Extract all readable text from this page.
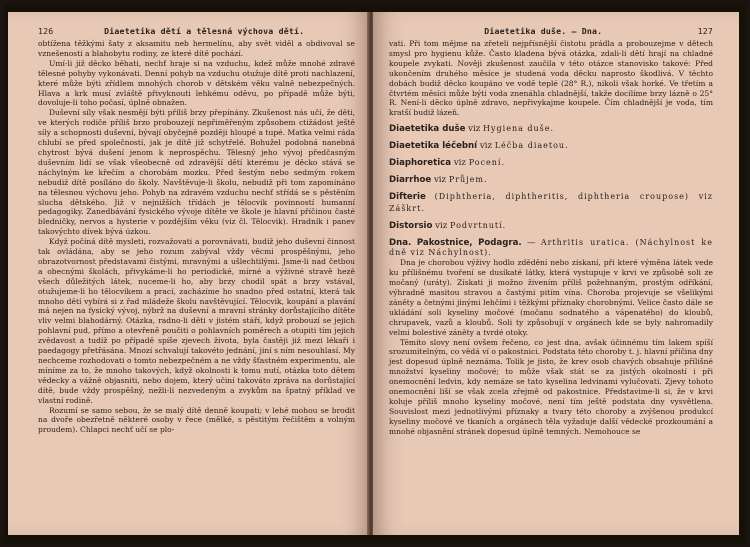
126	Diaetetika dětí a tělesná výchova dětí.

obtížena těžkými šaty z aksamitu neb hermelínu, aby svět viděl a obdivoval se vznešenosti a blahobytu rodiny, ze které dítě pochází.

Umí-li již děcko běhati, nechť hraje si na vzduchu, kdež může mnohé zdravé tělesné pohyby vykonávati. Denní pohyb na vzduchu otužuje dítě proti nachlazení, které může býti zřídlem mnohých chorob v dětském věku valně nebezpečných. Hlava a krk musí zvláště přivyknouti lehkému oděvu, po případě může býti, dovoluje-li toho počasí, úplně obnažen.

Duševní síly však nesmějí býti příliš brzy přepínány. Zkušenost nás učí, že děti, ve kterých rodiče příliš brzo probouzejí nepřiměřeným způsobem ctižádost ještě síly a schopnosti duševní, bývají obyčejně později hloupé a tupé. Matka velmi ráda chlubí se před společností, jak je dítě již schytřelé. Bohužel podobná nanebná chytrost bývá dušení jenom k neprospěchu. Tělesný jeho vývoj předčasným duševním lidí se však všeobecně od zdravější dětí kterému je děcko stává se náchylným ke křečím a chorobám mozku. Před šestým nebo sedmým rokem nebudiž dítě posíláno do školy. Navštěvuje-li školu, nebudiž při tom zapomínáno na tělesnou výchovu jeho. Pohyb na zdravém vzduchu nechť střídá se s pěstěním slucha dětského. Již v nejnižších třídách je tělocvik povinností humanní pedagogiky. Zanedbávání fysického vývoje dítěte ve škole je hlavní příčinou časté bledničky, nervos a hysterie v pozdějším věku (viz čl. Tělocvik). Hradník i panev takovýchto dívek bývá úzkou.

Když počíná dítě mysleti, rozvažovati a porovnávati, budiž jeho duševní činnost tak ovládána, aby se jeho rozum zabýval vždy věcmi prospěšnými, jeho obrazotvornost představami čistými, mravnými a ušlechtilými. Jsme-li nad četbou a obecnými školách, přivykáme-li ho periodické, mírné a výživné stravě hezě všech důležitých látek, nuceme-li ho, aby brzy chodil spát a brzy vstával, otužujeme-li ho tělocvikem a prací, zacházíme ho snadno před ostatní, která tak mnoho dětí vybírá si z řad mládeže školu navštěvující. Tělocvik, koupání a plavání má nejen na fysický vývoj, nýbrž na duševní a mravní stránky dorůstajícího dítěte vliv velmi blahodárný. Otázka, radno-li děti v jistém stáří, když probouzí se jejich pohlavní pud, přímo a otevřeně poučiti o pohlavních poměrech a otupiti tím jejich zvědavost a tudíž po případě spíše zjevech života, byla častěji již mezi lékaři i paedagogy přetřásána. Mnozí schvalují takovéto jednání, jiní s ním nesouhlasí. My nechceme rozhodovati o tomto nebezpečném a ne vždy šťastném experimentu, ale míníme za to, že mnoho takových, když okolnosti k tomu nutí, otázka toto dětem vědecky a vážně objasniti, nebo dojem, který učiní takováto zpráva na dorůstající dítě, bude vždy prospěšný, nežli-li nezvedeným a zvykům na špatný příklad ve vlastní rodině.

Rozumí se samo sebou, že se malý dítě denně koupati; v lehé mohou se brodit na dvoře obezřetně některé osoby v řece (mělké, s pěstitým řečištěm a volným proudem). Chlapci nechť učí se plo-

Diaetetika duše. — Dna.	127

vati. Při tom mějme na zřeteli nejpřísnější čistotu prádla a probouzejme v dětech smysl pro hygienu kůže. Často kladena bývá otázka, zdali-li dětí hrají na chladné koupele zvykati. Nověji zkušenost zaučila v této otázce stanovisko takové: Před ukončením druhého měsíce je studená voda děcku naprosto škodlivá. V těchto dobách budiž děcko koupáno ve vodě teplé (28° R.), nikoli však horké. Ve třetím a čtvrtém měsíci může býti voda znenáhla chladnější, takže docílíme brzy lázně o 25° R. Není-li děcko úplně zdravo, nepřivykajme koupele. Čím chladnější je voda, tím kratší budiž lázeň.

Diaetetika duše viz Hygiena duše.

Diaetetika léčební viz Léčba diaetou.

Diaphoretica viz Pocení.

Diarrhoe viz Průjem.

Difterie (Diphtheria, diphtheritis, diphtheria croupose) viz Záškrt.

Distorsio viz Podvrtnutí.

Dna. Pakostnice, Podagra. — Arthritis uratica. (Náchylnost ke dně viz Náchylnost).

Dna je chorobou výživy hodlo zdědění nebo získaní, při které výměna látek vede ku přílišnému tvoření se dusíkaté látky, která vystupuje v krvi ve způsobě soli ze močaný (uráty). Získati ji možno živením příliš požehnaným, prostým odříkání, výhradně masitou stravou a častými pitím vína. Choroba projevuje se všelikými záněty a četnými jinými lehčími i těžkými příznaky chorobnými. Velice často dále se ukládání soli kyseliny močové (močanu sodnatého a vápenatého) do kloubů, chrupavek, vazů a kloubů. Soli ty způsobují v orgánech kde se byly nahromadily velmi bolestivé záněty a tvrdé otoky.

Těmito slovy není ovšem řečeno, co jest dna, avšak účinnému tím lakem spíší srozumitelným, co vědá ví o pakostnici. Podstata této choroby t. j. hlavní příčina dny jest dopesud úplně neznáma. Tolik je jisto, že krev osob chavých obsahuje přílišné množství kyseliny močové; to může však stát se za jistých okolností i při onemocnění ledvin, kdy nemáze se tato kyselina ledvinami vylučovati. Zjevy tohoto onemocnění liší se však zcela zřejmě od pakostnice. Představime-li si, že v krvi koluje příliš mnoho kyseliny močové, není tím ještě podstata dny vysvětlena. Souvislost mezi jednotlivými příznaky a tvary této choroby a zvýšenou produkcí kyseliny močové ve tkaních a orgánech těla vyžaduje další vědecké prozkoumání a mnohé objasnění stránek dopesud úplně temných. Nemohouce se
